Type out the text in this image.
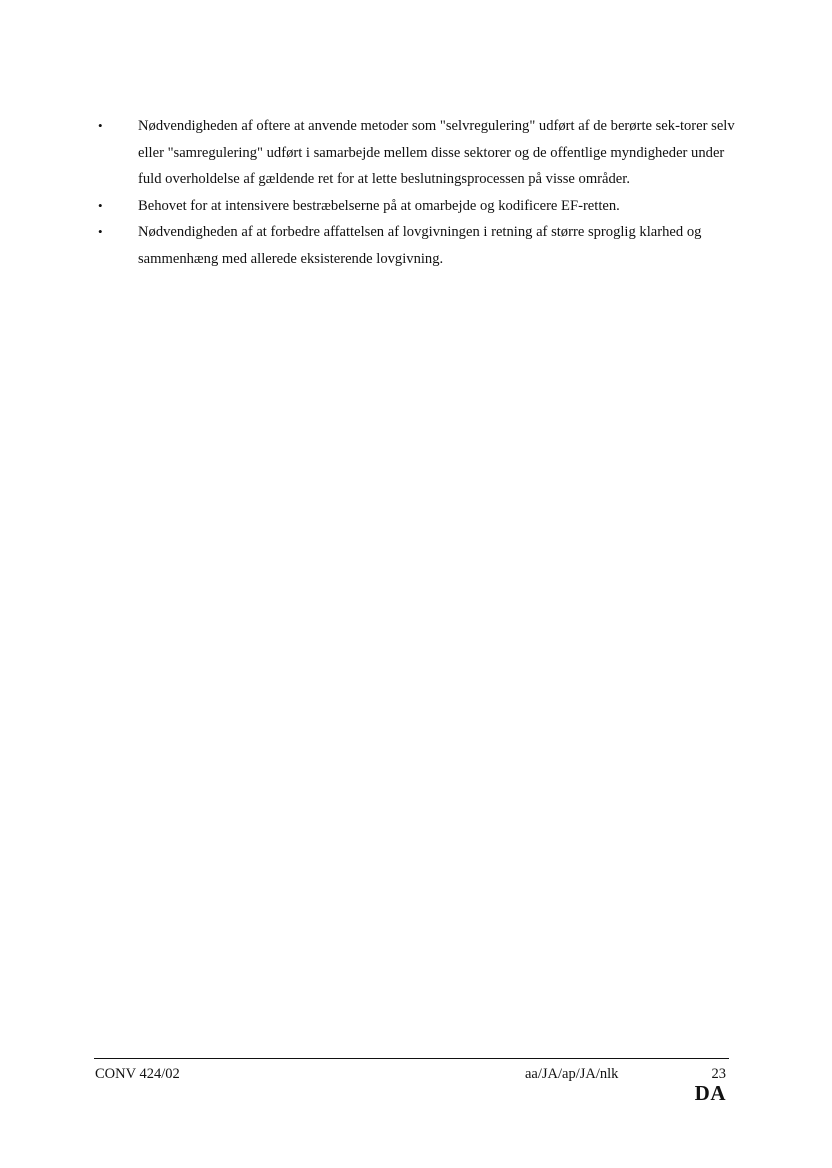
• Nødvendigheden af oftere at anvende metoder som "selvregulering" udført af de berørte sek-torer selv eller "samregulering" udført i samarbejde mellem disse sektorer og de offentlige myndigheder under fuld overholdelse af gældende ret for at lette beslutningsprocessen på visse områder.
• Behovet for at intensivere bestræbelserne på at omarbejde og kodificere EF-retten.
• Nødvendigheden af at forbedre affattelsen af lovgivningen i retning af større sproglig klarhed og sammenhæng med allerede eksisterende lovgivning.
CONV 424/02	aa/JA/ap/JA/nlk	23
DA
